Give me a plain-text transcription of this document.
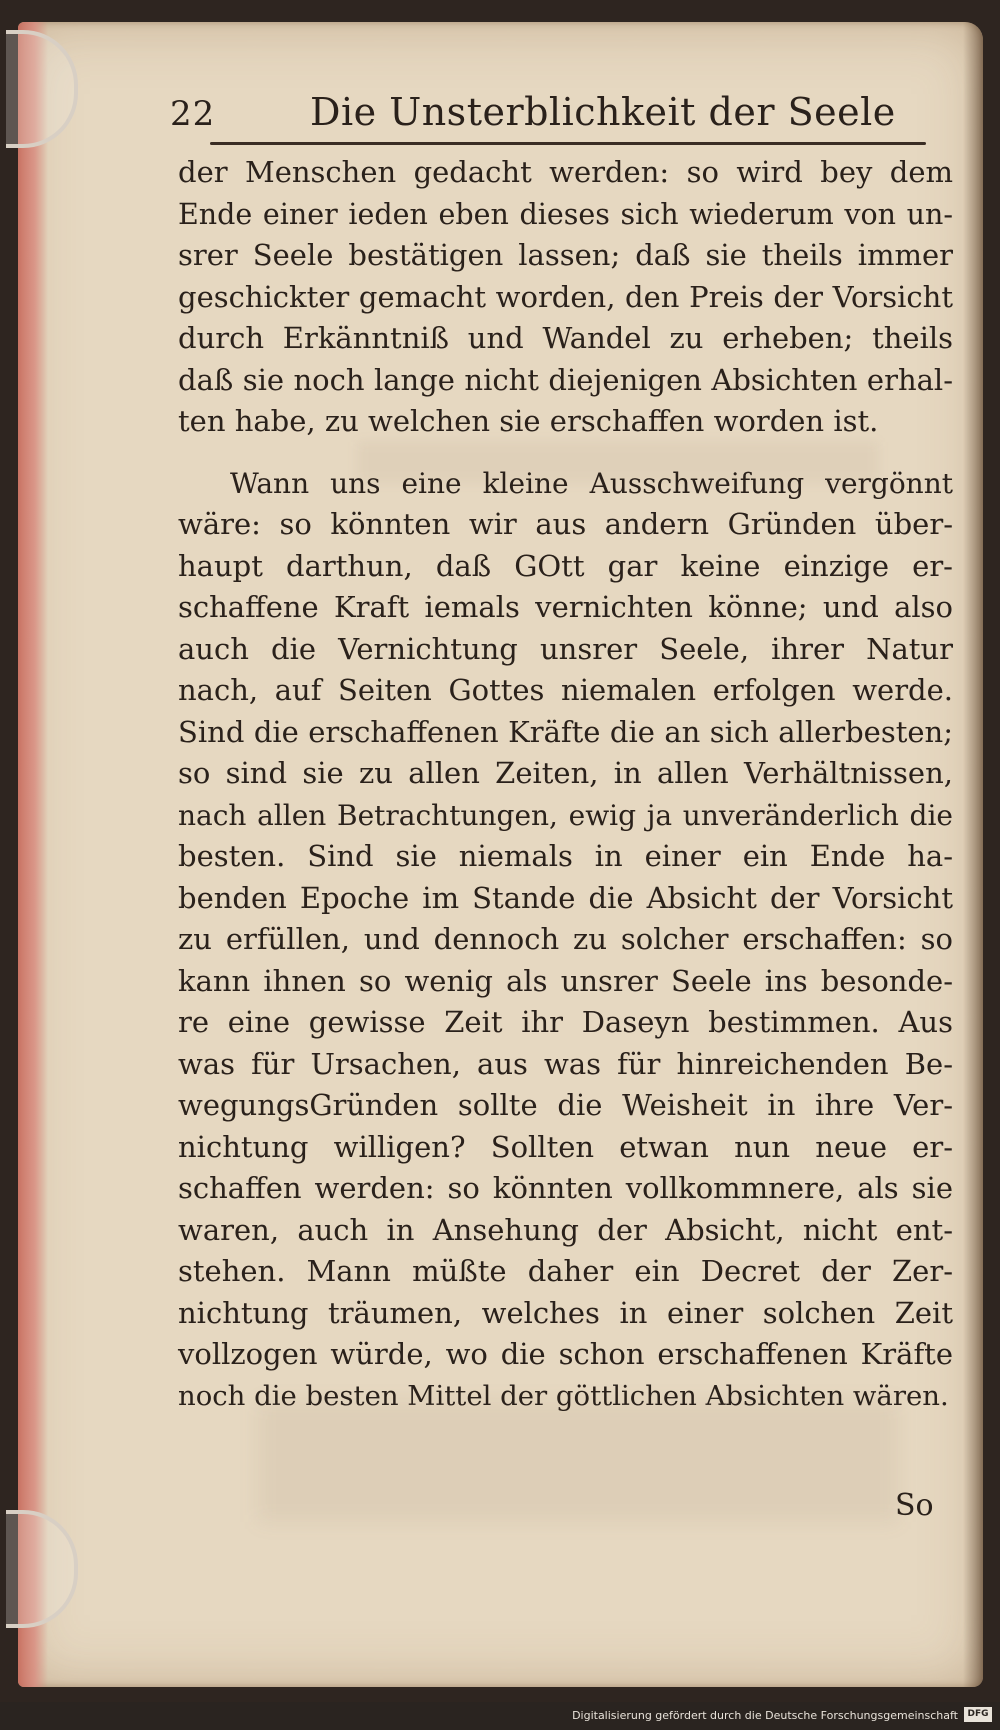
22 Die Unsterblichkeit der Seele
der Menschen gedacht werden: so wird bey dem
Ende einer ieden eben dieses sich wiederum von un-
srer Seele bestätigen lassen; daß sie theils immer
geschickter gemacht worden, den Preis der Vorsicht
durch Erkänntniß und Wandel zu erheben; theils
daß sie noch lange nicht diejenigen Absichten erhal-
ten habe, zu welchen sie erschaffen worden ist.
Wann uns eine kleine Ausschweifung vergönnt
wäre: so könnten wir aus andern Gründen über-
haupt darthun, daß GOtt gar keine einzige er-
schaffene Kraft iemals vernichten könne; und also
auch die Vernichtung unsrer Seele, ihrer Natur
nach, auf Seiten Gottes niemalen erfolgen werde.
Sind die erschaffenen Kräfte die an sich allerbesten;
so sind sie zu allen Zeiten, in allen Verhältnissen,
nach allen Betrachtungen, ewig ja unveränderlich die
besten. Sind sie niemals in einer ein Ende ha-
benden Epoche im Stande die Absicht der Vorsicht
zu erfüllen, und dennoch zu solcher erschaffen: so
kann ihnen so wenig als unsrer Seele ins besonde-
re eine gewisse Zeit ihr Daseyn bestimmen. Aus
was für Ursachen, aus was für hinreichenden Be-
wegungsGründen sollte die Weisheit in ihre Ver-
nichtung willigen? Sollten etwan nun neue er-
schaffen werden: so könnten vollkommnere, als sie
waren, auch in Ansehung der Absicht, nicht ent-
stehen. Mann müßte daher ein Decret der Zer-
nichtung träumen, welches in einer solchen Zeit
vollzogen würde, wo die schon erschaffenen Kräfte
noch die besten Mittel der göttlichen Absichten wären.
So
Digitalisierung gefördert durch die Deutsche Forschungsgemeinschaft	DFG
